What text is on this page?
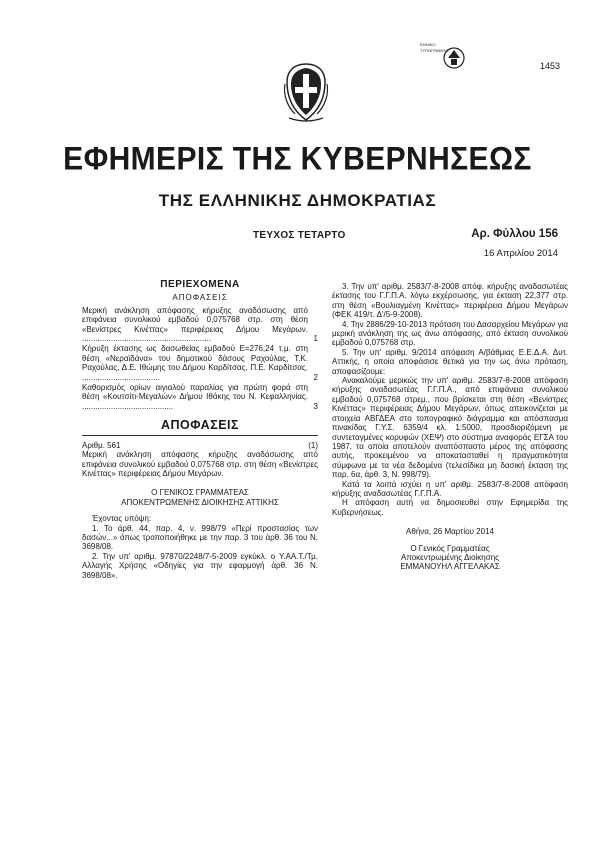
1453
ΕΘΝΙΚΟ ΤΥΠΟΓΡΑΦΕΙΟ
ΕΦΗΜΕΡΙΣ ΤΗΣ ΚΥΒΕΡΝΗΣΕΩΣ
ΤΗΣ ΕΛΛΗΝΙΚΗΣ ΔΗΜΟΚΡΑΤΙΑΣ
ΤΕΥΧΟΣ ΤΕΤΑΡΤΟ	Αρ. Φύλλου 156
16 Απριλίου 2014
ΠΕΡΙΕΧΟΜΕΝΑ
ΑΠΟΦΑΣΕΙΣ
Μερική ανάκληση απόφασης κήρυξης αναδάσωσης από επιφάνεια συνολικού εμβαδού 0,075768 στρ. στη θέση «Βενίστρες Κινέττας» περιφέρειας Δήμου Μεγάρων. ..........................................................	1
Κήρυξη έκτασης ως δασωθείας εμβαδού Ε=276,24 τ.μ. στη θέση «Νεραϊδάνα» του δημοτικού δάσους Ραχούλας, Τ.Κ. Ραχούλας, Δ.Ε. Ιθώμης του Δήμου Καρδίτσας, Π.Ε. Καρδίτσας. ...................................	2
Καθορισμός ορίων αιγιαλού παραλίας για πρώτη φορά στη θέση «Κουτσίτι-Μεγαλών» Δήμου Ιθάκης του Ν. Κεφαλληνίας. .........................................	3
ΑΠΟΦΑΣΕΙΣ
Αριθμ. 561	(1)

Μερική ανάκληση απόφασης κήρυξης αναδάσωσης από επιφάνεια συνολικού εμβαδού 0,075768 στρ. στη θέση «Βενίστρες Κινέττας» περιφέρειας Δήμου Μεγάρων.

Ο ΓΕΝΙΚΟΣ ΓΡΑΜΜΑΤΕΑΣ

ΑΠΟΚΕΝΤΡΩΜΕΝΗΣ ΔΙΟΙΚΗΣΗΣ ΑΤΤΙΚΗΣ

Έχοντας υπόψη:

1. Το άρθ. 44, παρ. 4, ν. 998/79 «Περί προστασίας των δασών...» όπως τροποποιήθηκε με την παρ. 3 του άρθ. 36 του Ν. 3698/08.

2. Την υπ' αριθμ. 97870/2248/7-5-2009 εγκύκλ. ο Υ.ΑΑ.Τ./Τμ. Αλλαγής Χρήσης «Οδηγίες για την εφαρμογή άρθ. 36 Ν. 3698/08».

3. Την υπ' αριθμ. 2583/7-8-2008 απόφ. κήρυξης αναδασωτέας έκτασης του Γ.Γ.Π.Α. λόγω εκχέρσωσης, για έκταση 22,377 στρ. στη θέση «Βουλιαγμένη Κινέττας» περιφέρεια Δήμου Μεγάρων (ΦΕΚ 419/τ. Δ'/5-9-2008).

4. Την 2886/29-10-2013 πρόταση του Δασαρχείου Μεγάρων για μερική ανάκληση της ως άνω απόφασης, από έκταση συνολικού εμβαδού 0,075768 στρ.

5. Την υπ' αριθμ. 9/2014 απόφαση Α/βάθμιας Ε.Ε.Δ.Α. Δυτ. Αττικής, η οποία αποφάσισε θετικά για την ως άνω πρόταση, αποφασίζουμε:

Ανακαλούμε μερικώς την υπ' αριθμ. 2583/7-8-2008 απόφαση κήρυξης αναδασωτέας Γ.Γ.Π.Α., από επιφάνεια συνολικού εμβαδού 0,075768 στρεμ., που βρίσκεται στη θέση «Βενίστρες Κινέττας» περιφέρειας Δήμου Μεγάρων, όπως απεικονίζεται με στοιχεία ΑΒΓΔΕΑ στο τοπογραφικό διάγραμμα και απόσπασμα πινακίδας Γ.Υ.Σ. 6359/4 κλ. 1:5000, προσδιοριζόμενη με συντεταγμένες κορυφών (ΧΕΨ) στο σύστημα αναφοράς ΕΓΣΑ του 1987, τα οποία αποτελούν αναπόσπαστο μέρος της απόφασης αυτής, προκειμένου να αποκατασταθεί η πραγματικότητα σύμφωνα με τα νέα δεδομένα (τελεσίδικα μη δασική έκταση της παρ. 6α, άρθ. 3, Ν. 998/79).

Κατά τα λοιπά ισχύει η υπ' αριθμ. 2583/7-8-2008 απόφαση κήρυξης αναδασωτέας Γ.Γ.Π.Α.

Η απόφαση αυτή να δημοσιευθεί στην Εφημερίδα της Κυβερνήσεως.

Αθήνα, 26 Μαρτίου 2014

Ο Γενικός Γραμματέας

Αποκεντρωμένης Διοίκησης

ΕΜΜΑΝΟΥΗΛ ΑΓΓΕΛΑΚΑΣ
